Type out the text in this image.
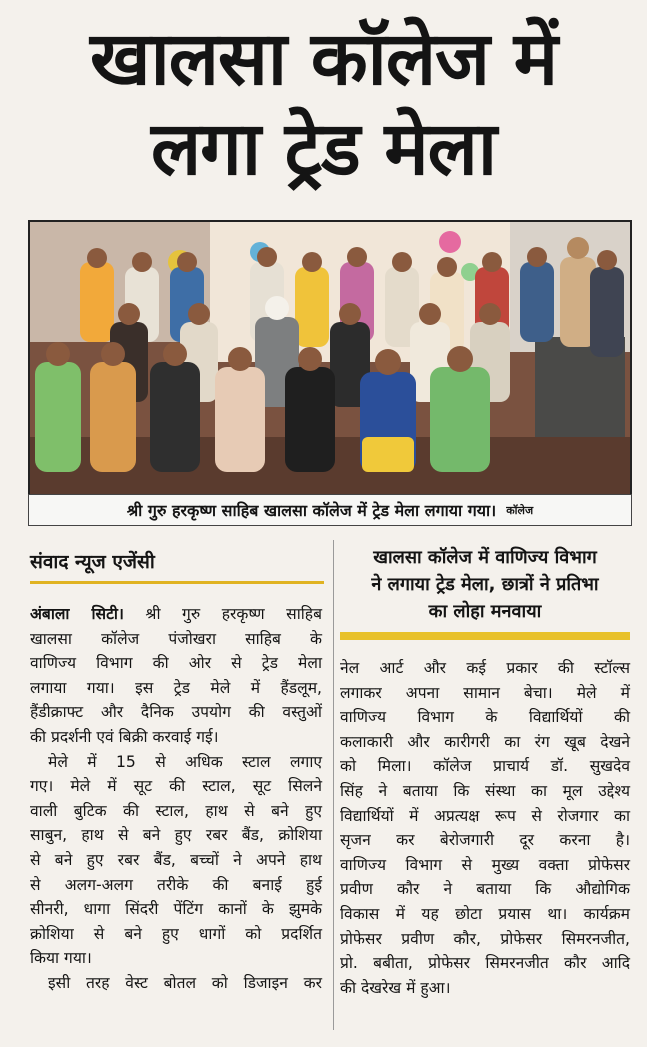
खालसा कॉलेज में
लगा ट्रेड मेला
श्री गुरु हरकृष्ण साहिब खालसा कॉलेज में ट्रेड मेला लगाया गया। कॉलेज
संवाद न्यूज एजेंसी	खालसा कॉलेज में वाणिज्य विभाग
ने लगाया ट्रेड मेला, छात्रों ने प्रतिभा
का लोहा मनवाया
अंबाला सिटी। श्री गुरु हरकृष्ण साहिब
खालसा कॉलेज पंजोखरा साहिब के
वाणिज्य विभाग की ओर से ट्रेड मेला
लगाया गया। इस ट्रेड मेले में हैंडलूम,
हैंडीक्राफ्ट और दैनिक उपयोग की वस्तुओं
की प्रदर्शनी एवं बिक्री करवाई गई।
मेले में 15 से अधिक स्टाल लगाए
गए। मेले में सूट की स्टाल, सूट सिलने
वाली बुटिक की स्टाल, हाथ से बने हुए
साबुन, हाथ से बने हुए रबर बैंड, क्रोशिया
से बने हुए रबर बैंड, बच्चों ने अपने हाथ
से अलग-अलग तरीके की बनाई हुई
सीनरी, धागा सिंदरी पेंटिंग कानों के झुमके
क्रोशिया से बने हुए धागों को प्रदर्शित
किया गया।
इसी तरह वेस्ट बोतल को डिजाइन कर
नेल आर्ट और कई प्रकार की स्टॉल्स
लगाकर अपना सामान बेचा। मेले में
वाणिज्य विभाग के विद्यार्थियों की
कलाकारी और कारीगरी का रंग खूब देखने
को मिला। कॉलेज प्राचार्य डॉ. सुखदेव
सिंह ने बताया कि संस्था का मूल उद्देश्य
विद्यार्थियों में अप्रत्यक्ष रूप से रोजगार का
सृजन कर बेरोजगारी दूर करना है।
वाणिज्य विभाग से मुख्य वक्ता प्रोफेसर
प्रवीण कौर ने बताया कि औद्योगिक
विकास में यह छोटा प्रयास था। कार्यक्रम
प्रोफेसर प्रवीण कौर, प्रोफेसर सिमरनजीत,
प्रो. बबीता, प्रोफेसर सिमरनजीत कौर आदि
की देखरेख में हुआ।
